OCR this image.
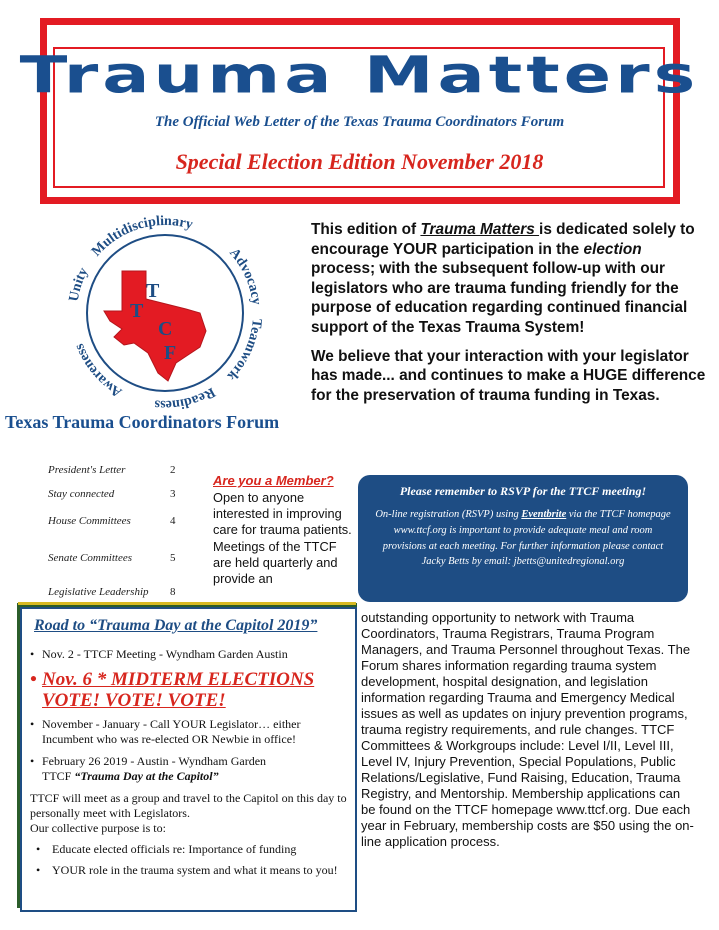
Trauma Matters
The Official Web Letter of the Texas Trauma Coordinators Forum
Special Election Edition November 2018
T
T
C
F
Teamwork
Readiness
Awareness
Unity
Multidisciplinary
Advocacy
Texas Trauma Coordinators Forum

This edition of Trauma Matters is dedicated solely to encourage YOUR participation in the election process; with the subsequent follow-up with our legislators who are trauma funding friendly for the purpose of education regarding continued financial support of the Texas Trauma System!

We believe that your interaction with your legislator has made... and continues to make a HUGE difference for the preservation of trauma funding in Texas.

President's Letter	2
Stay connected	3
House Committees	4
Senate Committees	5
Legislative Leadership 8
Are you a Member?
Open to anyone interested in improving care for trauma patients. Meetings of the TTCF are held quarterly and provide an
Please remember to RSVP for the TTCF meeting!
On-line registration (RSVP) using Eventbrite via the TTCF homepage www.ttcf.org is important to provide adequate meal and room provisions at each meeting. For further information please contact Jacky Betts by email: jbetts@unitedregional.org
Road to “Trauma Day at the Capitol 2019”
• Nov. 2 - TTCF Meeting - Wyndham Garden Austin
• Nov. 6 * MIDTERM ELECTIONS VOTE! VOTE! VOTE!
• November - January - Call YOUR Legislator… either Incumbent who was re-elected OR Newbie in office!
• February 26 2019 - Austin - Wyndham Garden
TTCF “Trauma Day at the Capitol”
TTCF will meet as a group and travel to the Capitol on this day to personally meet with Legislators.
Our collective purpose is to:
• Educate elected officials re: Importance of funding
• YOUR role in the trauma system and what it means to you!
outstanding opportunity to network with Trauma Coordinators, Trauma Registrars, Trauma Program Managers, and Trauma Personnel throughout Texas. The Forum shares information regarding trauma system development, hospital designation, and legislation information regarding Trauma and Emergency Medical issues as well as updates on injury prevention programs, trauma registry requirements, and rule changes. TTCF Committees & Workgroups include: Level I/II, Level III, Level IV, Injury Prevention, Special Populations, Public Relations/Legislative, Fund Raising, Education, Trauma Registry, and Mentorship. Membership applications can be found on the TTCF homepage www.ttcf.org. Due each year in February, membership costs are $50 using the on-line application process.
